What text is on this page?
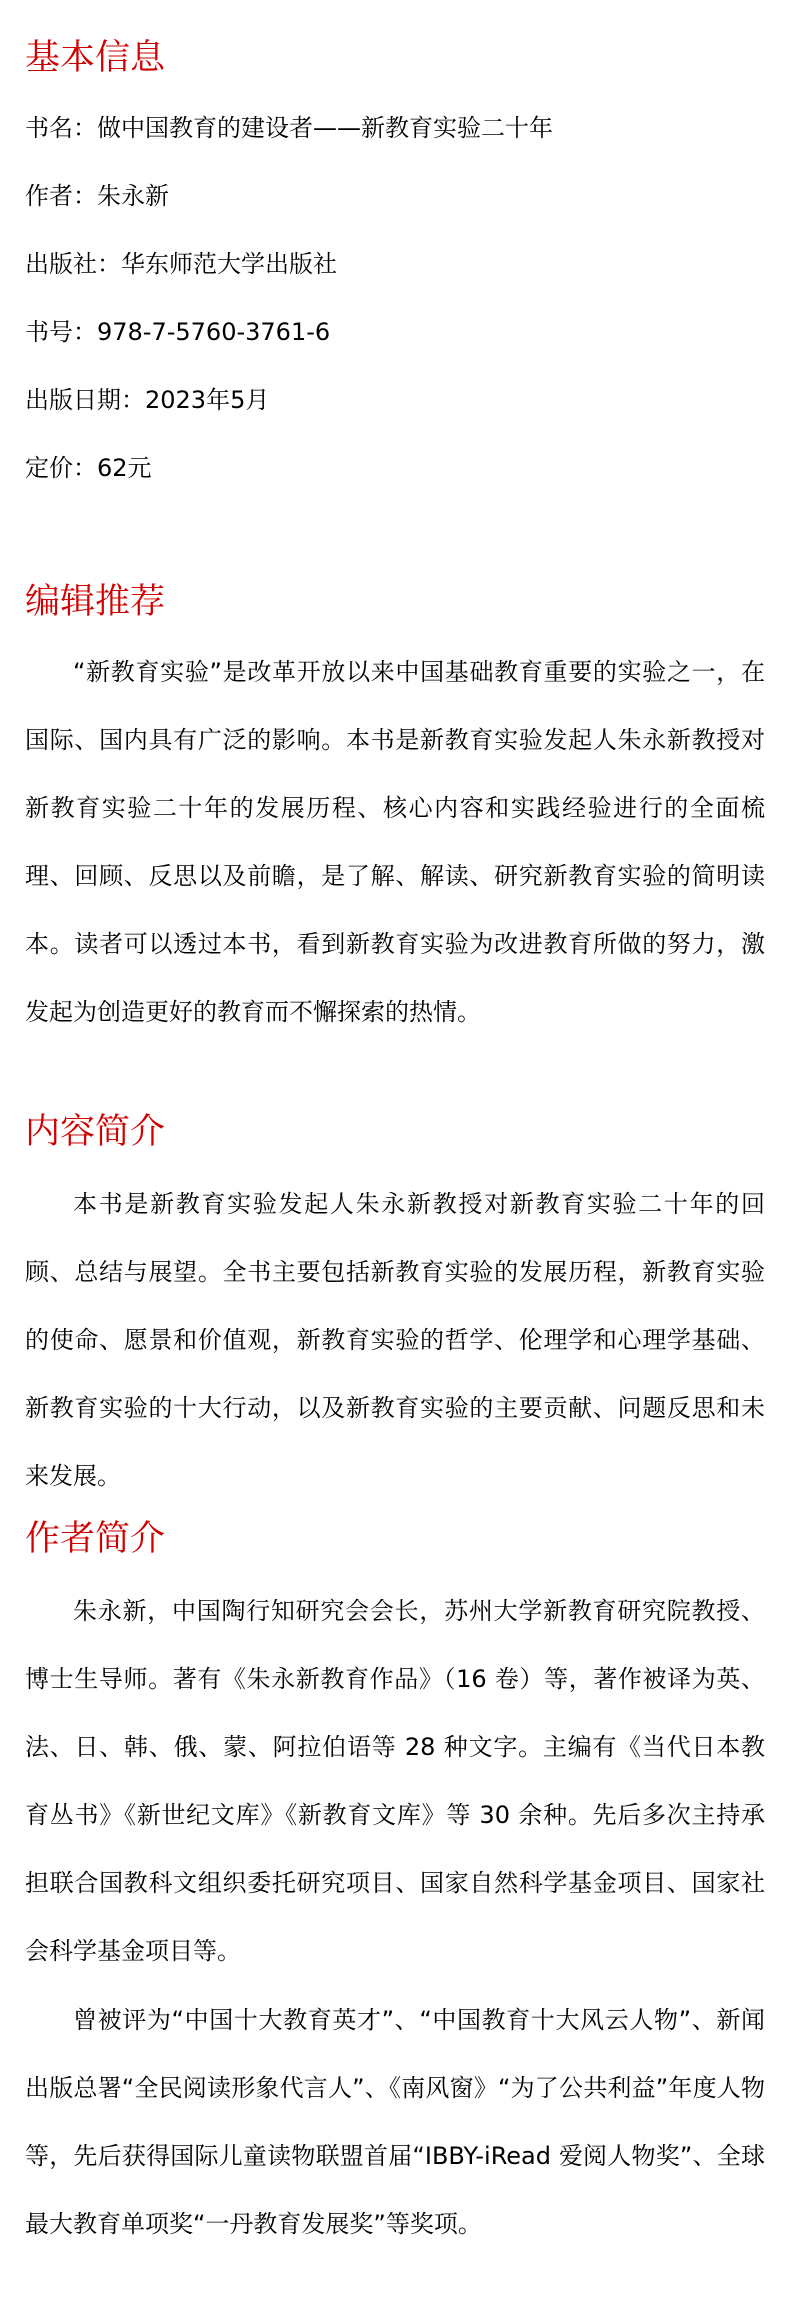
基本信息
书名：做中国教育的建设者——新教育实验二十年
作者：朱永新
出版社：华东师范大学出版社
书号：978-7-5760-3761-6
出版日期：2023年5月
定价：62元
编辑推荐

“新教育实验”是改革开放以来中国基础教育重要的实验之一，在国际、国内具有广泛的影响。本书是新教育实验发起人朱永新教授对新教育实验二十年的发展历程、核心内容和实践经验进行的全面梳理、回顾、反思以及前瞻，是了解、解读、研究新教育实验的简明读本。读者可以透过本书，看到新教育实验为改进教育所做的努力，激发起为创造更好的教育而不懈探索的热情。

内容简介

本书是新教育实验发起人朱永新教授对新教育实验二十年的回顾、总结与展望。全书主要包括新教育实验的发展历程，新教育实验的使命、愿景和价值观，新教育实验的哲学、伦理学和心理学基础、新教育实验的十大行动，以及新教育实验的主要贡献、问题反思和未来发展。

作者简介

朱永新，中国陶行知研究会会长，苏州大学新教育研究院教授、博士生导师。著有《朱永新教育作品》（16 卷）等，著作被译为英、法、日、韩、俄、蒙、阿拉伯语等 28 种文字。主编有《当代日本教育丛书》《新世纪文库》《新教育文库》等 30 余种。先后多次主持承担联合国教科文组织委托研究项目、国家自然科学基金项目、国家社会科学基金项目等。

曾被评为“中国十大教育英才”、“中国教育十大风云人物”、新闻出版总署“全民阅读形象代言人”、《南风窗》“为了公共利益”年度人物等，先后获得国际儿童读物联盟首届“IBBY-iRead 爱阅人物奖”、全球最大教育单项奖“一丹教育发展奖”等奖项。
